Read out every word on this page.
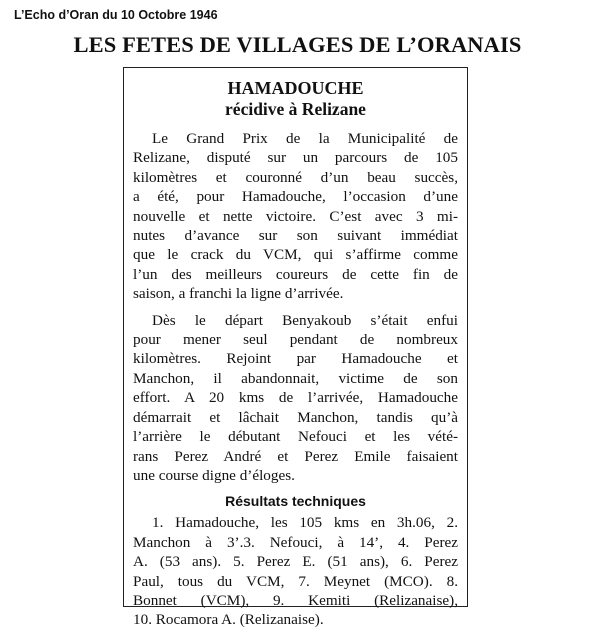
L’Echo d’Oran du 10 Octobre 1946
LES FETES DE VILLAGES DE L’ORANAIS
HAMADOUCHE
récidive à Relizane
Le Grand Prix de la Municipalité de
Relizane, disputé sur un parcours de 105
kilomètres et couronné d’un beau succès,
a été, pour Hamadouche, l’occasion d’une
nouvelle et nette victoire. C’est avec 3 mi-
nutes d’avance sur son suivant immédiat
que le crack du VCM, qui s’affirme comme
l’un des meilleurs coureurs de cette fin de
saison, a franchi la ligne d’arrivée.
Dès le départ Benyakoub s’était enfui
pour mener seul pendant de nombreux
kilomètres. Rejoint par Hamadouche et
Manchon, il abandonnait, victime de son
effort. A 20 kms de l’arrivée, Hamadouche
démarrait et lâchait Manchon, tandis qu’à
l’arrière le débutant Nefouci et les vété-
rans Perez André et Perez Emile faisaient
une course digne d’éloges.
Résultats techniques
1. Hamadouche, les 105 kms en 3h.06, 2.
Manchon à 3’.3. Nefouci, à 14’, 4. Perez
A. (53 ans). 5. Perez E. (51 ans), 6. Perez
Paul, tous du VCM, 7. Meynet (MCO). 8.
Bonnet (VCM), 9. Kemiti (Relizanaise),
10. Rocamora A. (Relizanaise).
